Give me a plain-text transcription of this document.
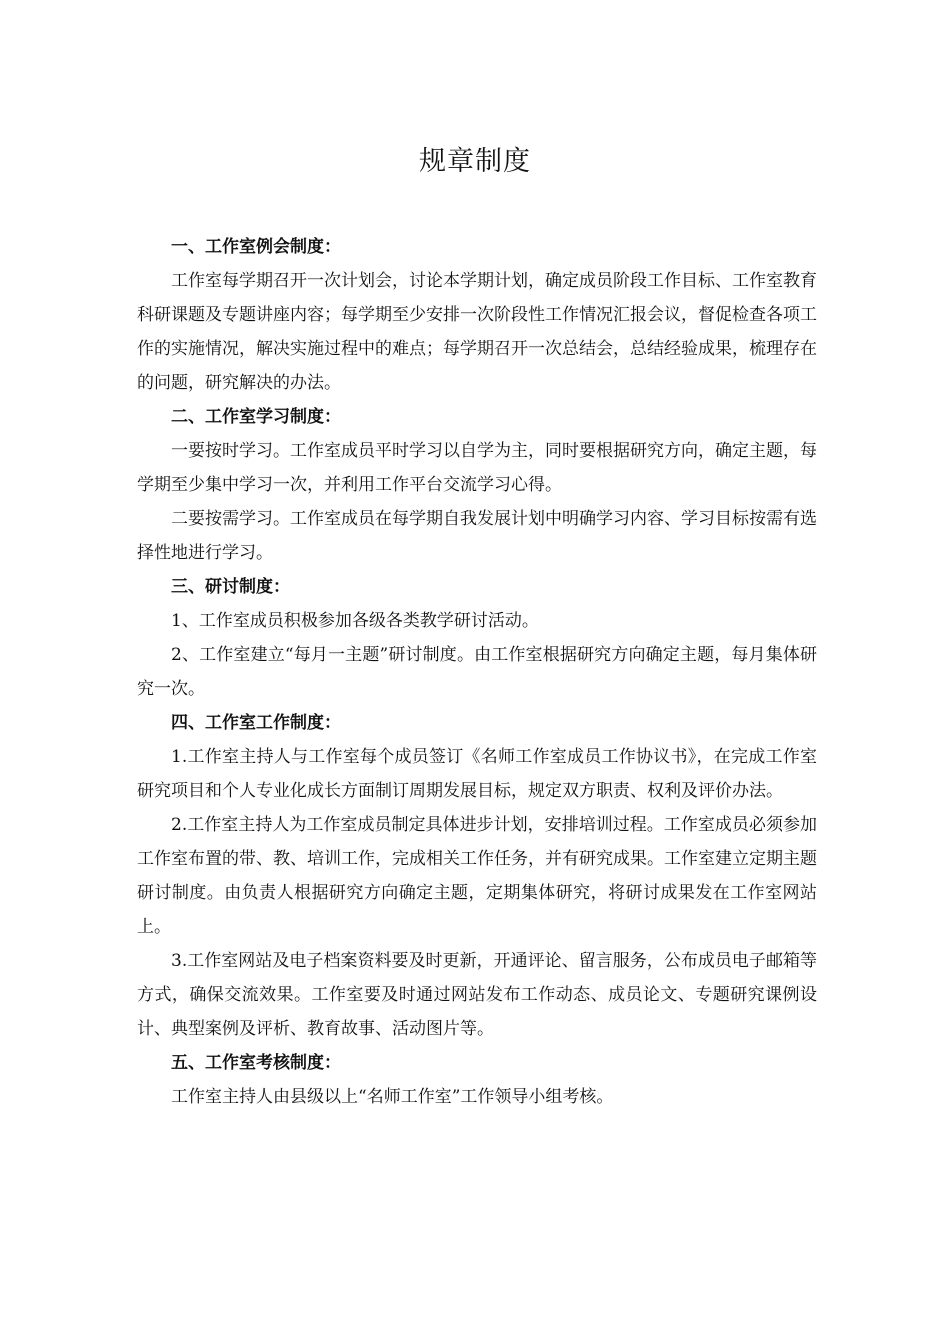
规章制度

一、工作室例会制度：

工作室每学期召开一次计划会，讨论本学期计划，确定成员阶段工作目标、工作室教育科研课题及专题讲座内容；每学期至少安排一次阶段性工作情况汇报会议，督促检查各项工作的实施情况，解决实施过程中的难点；每学期召开一次总结会，总结经验成果，梳理存在的问题，研究解决的办法。

二、工作室学习制度：

一要按时学习。工作室成员平时学习以自学为主，同时要根据研究方向，确定主题，每学期至少集中学习一次，并利用工作平台交流学习心得。

二要按需学习。工作室成员在每学期自我发展计划中明确学习内容、学习目标按需有选择性地进行学习。

三、研讨制度：

1、工作室成员积极参加各级各类教学研讨活动。

2、工作室建立“每月一主题”研讨制度。由工作室根据研究方向确定主题，每月集体研究一次。

四、工作室工作制度：

1.工作室主持人与工作室每个成员签订《名师工作室成员工作协议书》，在完成工作室研究项目和个人专业化成长方面制订周期发展目标，规定双方职责、权利及评价办法。

2.工作室主持人为工作室成员制定具体进步计划，安排培训过程。工作室成员必须参加工作室布置的带、教、培训工作，完成相关工作任务，并有研究成果。工作室建立定期主题研讨制度。由负责人根据研究方向确定主题，定期集体研究，将研讨成果发在工作室网站上。

3.工作室网站及电子档案资料要及时更新，开通评论、留言服务，公布成员电子邮箱等方式，确保交流效果。工作室要及时通过网站发布工作动态、成员论文、专题研究课例设计、典型案例及评析、教育故事、活动图片等。

五、工作室考核制度：

工作室主持人由县级以上“名师工作室”工作领导小组考核。
